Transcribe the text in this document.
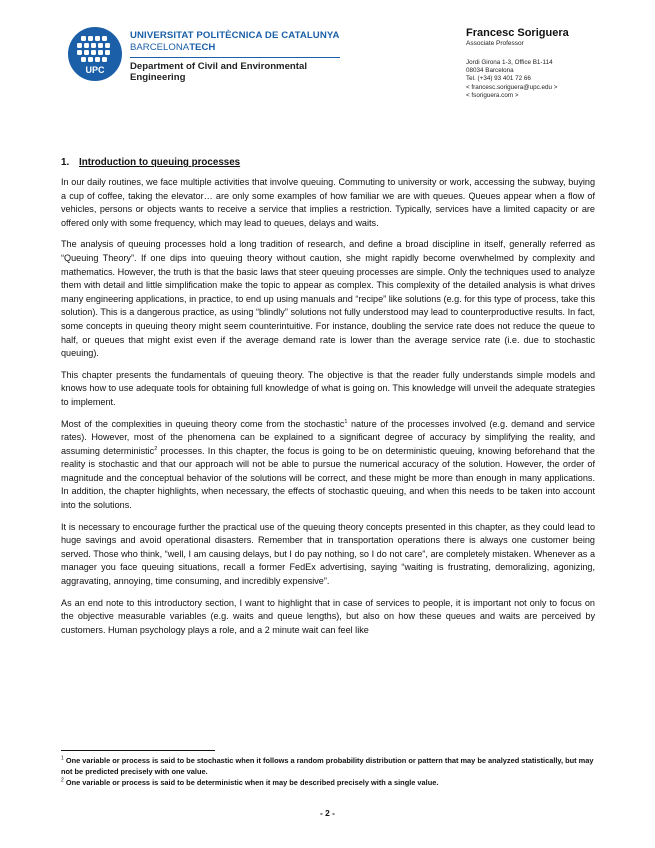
UPC
UNIVERSITAT POLITÈCNICA DE CATALUNYA
BARCELONATECH
Department of Civil and Environmental Engineering
Francesc Soriguera
Associate Professor
Jordi Girona 1-3, Office B1-114
08034 Barcelona
Tel. (+34) 93 401 72 66
< francesc.soriguera@upc.edu >
< fsoriguera.com >
1. Introduction to queuing processes

In our daily routines, we face multiple activities that involve queuing. Commuting to university or work, accessing the subway, buying a cup of coffee, taking the elevator… are only some examples of how familiar we are with queues. Queues appear when a flow of vehicles, persons or objects wants to receive a service that implies a restriction. Typically, services have a limited capacity or are offered only with some frequency, which may lead to queues, delays and waits.

The analysis of queuing processes hold a long tradition of research, and define a broad discipline in itself, generally referred as “Queuing Theory”. If one dips into queuing theory without caution, she might rapidly become overwhelmed by complexity and mathematics. However, the truth is that the basic laws that steer queuing processes are simple. Only the techniques used to analyze them with detail and little simplification make the topic to appear as complex. This complexity of the detailed analysis is what drives many engineering applications, in practice, to end up using manuals and “recipe” like solutions (e.g. for this type of process, take this solution). This is a dangerous practice, as using “blindly” solutions not fully understood may lead to counterproductive results. In fact, some concepts in queuing theory might seem counterintuitive. For instance, doubling the service rate does not reduce the queue to half, or queues that might exist even if the average demand rate is lower than the average service rate (i.e. due to stochastic queuing).

This chapter presents the fundamentals of queuing theory. The objective is that the reader fully understands simple models and knows how to use adequate tools for obtaining full knowledge of what is going on. This knowledge will unveil the adequate strategies to implement.

Most of the complexities in queuing theory come from the stochastic$^1$ nature of the processes involved (e.g. demand and service rates). However, most of the phenomena can be explained to a significant degree of accuracy by simplifying the reality, and assuming deterministic$^2$ processes. In this chapter, the focus is going to be on deterministic queuing, knowing beforehand that the reality is stochastic and that our approach will not be able to pursue the numerical accuracy of the solution. However, the order of magnitude and the conceptual behavior of the solutions will be correct, and these might be more than enough in many applications. In addition, the chapter highlights, when necessary, the effects of stochastic queuing, and when this needs to be taken into account into the solutions.

It is necessary to encourage further the practical use of the queuing theory concepts presented in this chapter, as they could lead to huge savings and avoid operational disasters. Remember that in transportation operations there is always one customer being served. Those who think, “well, I am causing delays, but I do pay nothing, so I do not care”, are completely mistaken. Whenever as a manager you face queuing situations, recall a former FedEx advertising, saying “waiting is frustrating, demoralizing, agonizing, aggravating, annoying, time consuming, and incredibly expensive”.

As an end note to this introductory section, I want to highlight that in case of services to people, it is important not only to focus on the objective measurable variables (e.g. waits and queue lengths), but also on how these queues and waits are perceived by customers. Human psychology plays a role, and a 2 minute wait can feel like

$^1$ One variable or process is said to be stochastic when it follows a random probability distribution or pattern that may be analyzed statistically, but may not be predicted precisely with one value.

$^2$ One variable or process is said to be deterministic when it may be described precisely with a single value.

- 2 -
